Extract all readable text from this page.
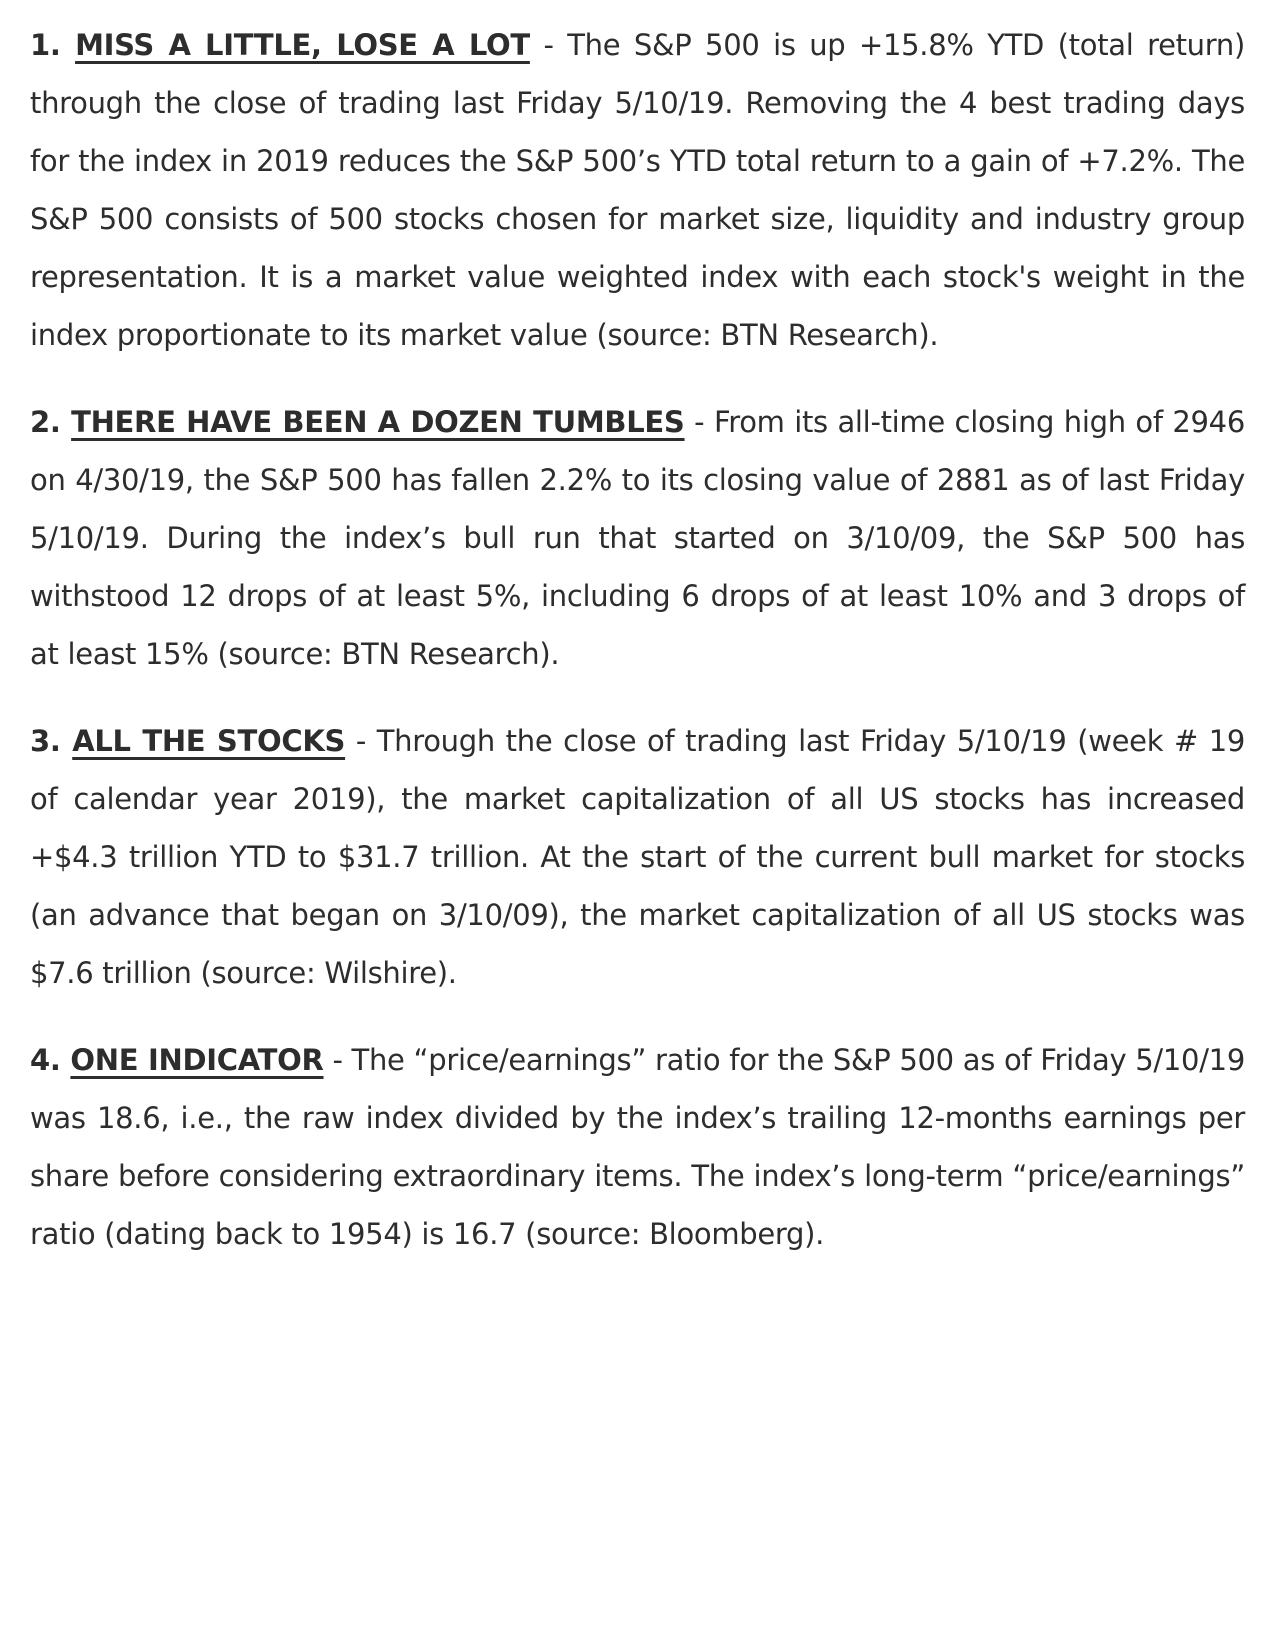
1. MISS A LITTLE, LOSE A LOT - The S&P 500 is up +15.8% YTD (total return) through the close of trading last Friday 5/10/19. Removing the 4 best trading days for the index in 2019 reduces the S&P 500’s YTD total return to a gain of +7.2%. The S&P 500 consists of 500 stocks chosen for market size, liquidity and industry group representation. It is a market value weighted index with each stock's weight in the index proportionate to its market value (source: BTN Research).

2. THERE HAVE BEEN A DOZEN TUMBLES - From its all-time closing high of 2946 on 4/30/19, the S&P 500 has fallen 2.2% to its closing value of 2881 as of last Friday 5/10/19. During the index’s bull run that started on 3/10/09, the S&P 500 has withstood 12 drops of at least 5%, including 6 drops of at least 10% and 3 drops of at least 15% (source: BTN Research).

3. ALL THE STOCKS - Through the close of trading last Friday 5/10/19 (week # 19 of calendar year 2019), the market capitalization of all US stocks has increased +$4.3 trillion YTD to $31.7 trillion. At the start of the current bull market for stocks (an advance that began on 3/10/09), the market capitalization of all US stocks was $7.6 trillion (source: Wilshire).

4. ONE INDICATOR - The “price/earnings” ratio for the S&P 500 as of Friday 5/10/19 was 18.6, i.e., the raw index divided by the index’s trailing 12-months earnings per share before considering extraordinary items. The index’s long-term “price/earnings” ratio (dating back to 1954) is 16.7 (source: Bloomberg).
